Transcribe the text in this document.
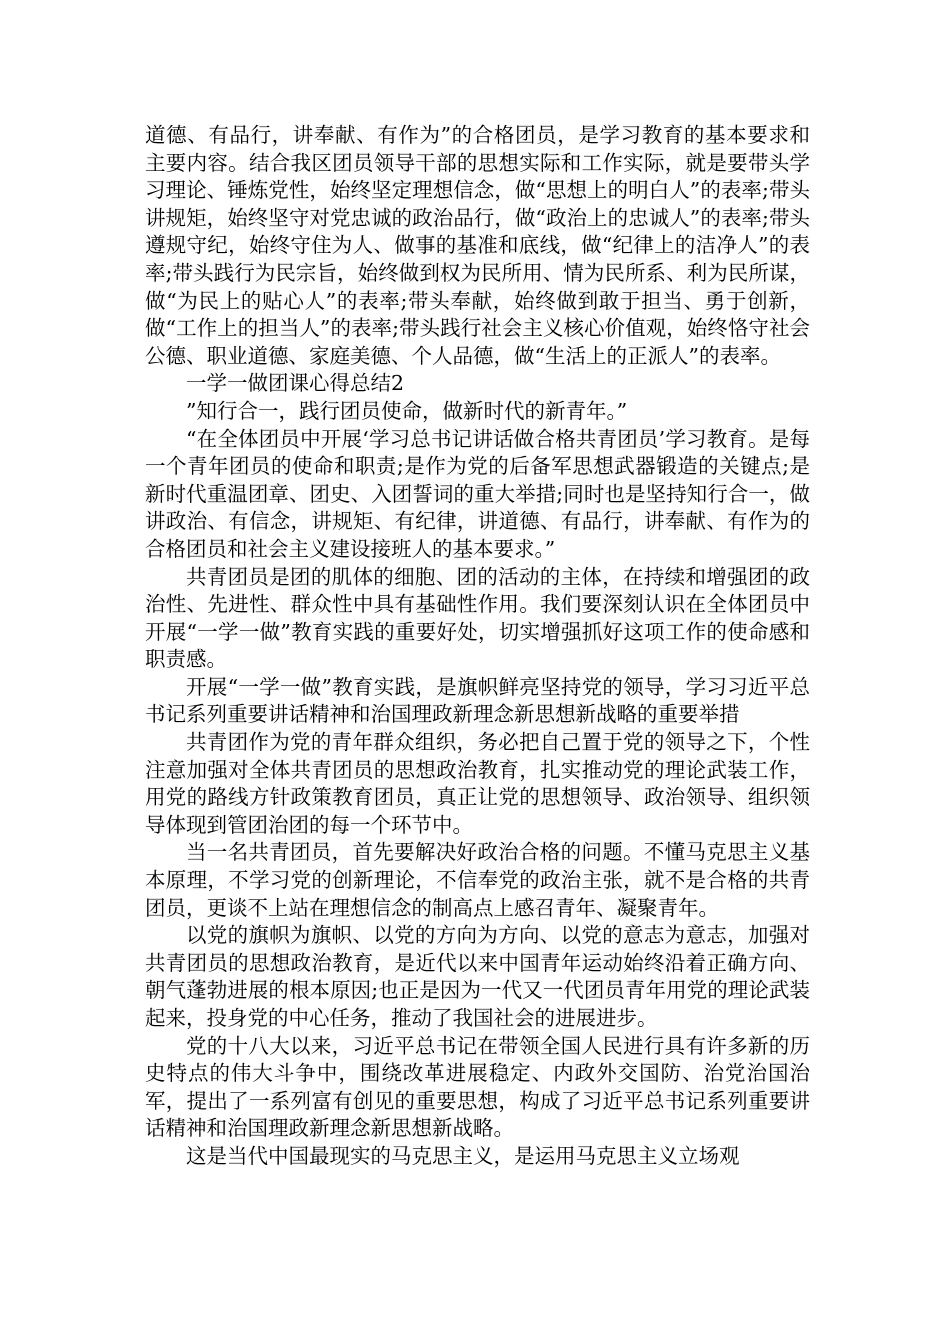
道德、有品行，讲奉献、有作为”的合格团员，是学习教育的基本要求和主要内容。结合我区团员领导干部的思想实际和工作实际，就是要带头学习理论、锤炼党性，始终坚定理想信念，做“思想上的明白人”的表率;带头讲规矩，始终坚守对党忠诚的政治品行，做“政治上的忠诚人”的表率;带头遵规守纪，始终守住为人、做事的基准和底线，做“纪律上的洁净人”的表率;带头践行为民宗旨，始终做到权为民所用、情为民所系、利为民所谋，做“为民上的贴心人”的表率;带头奉献，始终做到敢于担当、勇于创新，做“工作上的担当人”的表率;带头践行社会主义核心价值观，始终恪守社会公德、职业道德、家庭美德、个人品德，做“生活上的正派人”的表率。

一学一做团课心得总结2

”知行合一，践行团员使命，做新时代的新青年。”

“在全体团员中开展‘学习总书记讲话做合格共青团员’学习教育。是每一个青年团员的使命和职责;是作为党的后备军思想武器锻造的关键点;是新时代重温团章、团史、入团誓词的重大举措;同时也是坚持知行合一，做讲政治、有信念，讲规矩、有纪律，讲道德、有品行，讲奉献、有作为的合格团员和社会主义建设接班人的基本要求。”

共青团员是团的肌体的细胞、团的活动的主体，在持续和增强团的政治性、先进性、群众性中具有基础性作用。我们要深刻认识在全体团员中开展“一学一做”教育实践的重要好处，切实增强抓好这项工作的使命感和职责感。

开展“一学一做”教育实践，是旗帜鲜亮坚持党的领导，学习习近平总书记系列重要讲话精神和治国理政新理念新思想新战略的重要举措

共青团作为党的青年群众组织，务必把自己置于党的领导之下，个性注意加强对全体共青团员的思想政治教育，扎实推动党的理论武装工作，用党的路线方针政策教育团员，真正让党的思想领导、政治领导、组织领导体现到管团治团的每一个环节中。

当一名共青团员，首先要解决好政治合格的问题。不懂马克思主义基本原理，不学习党的创新理论，不信奉党的政治主张，就不是合格的共青团员，更谈不上站在理想信念的制高点上感召青年、凝聚青年。

以党的旗帜为旗帜、以党的方向为方向、以党的意志为意志，加强对共青团员的思想政治教育，是近代以来中国青年运动始终沿着正确方向、朝气蓬勃进展的根本原因;也正是因为一代又一代团员青年用党的理论武装起来，投身党的中心任务，推动了我国社会的进展进步。

党的十八大以来，习近平总书记在带领全国人民进行具有许多新的历史特点的伟大斗争中，围绕改革进展稳定、内政外交国防、治党治国治军，提出了一系列富有创见的重要思想，构成了习近平总书记系列重要讲话精神和治国理政新理念新思想新战略。

这是当代中国最现实的马克思主义，是运用马克思主义立场观
